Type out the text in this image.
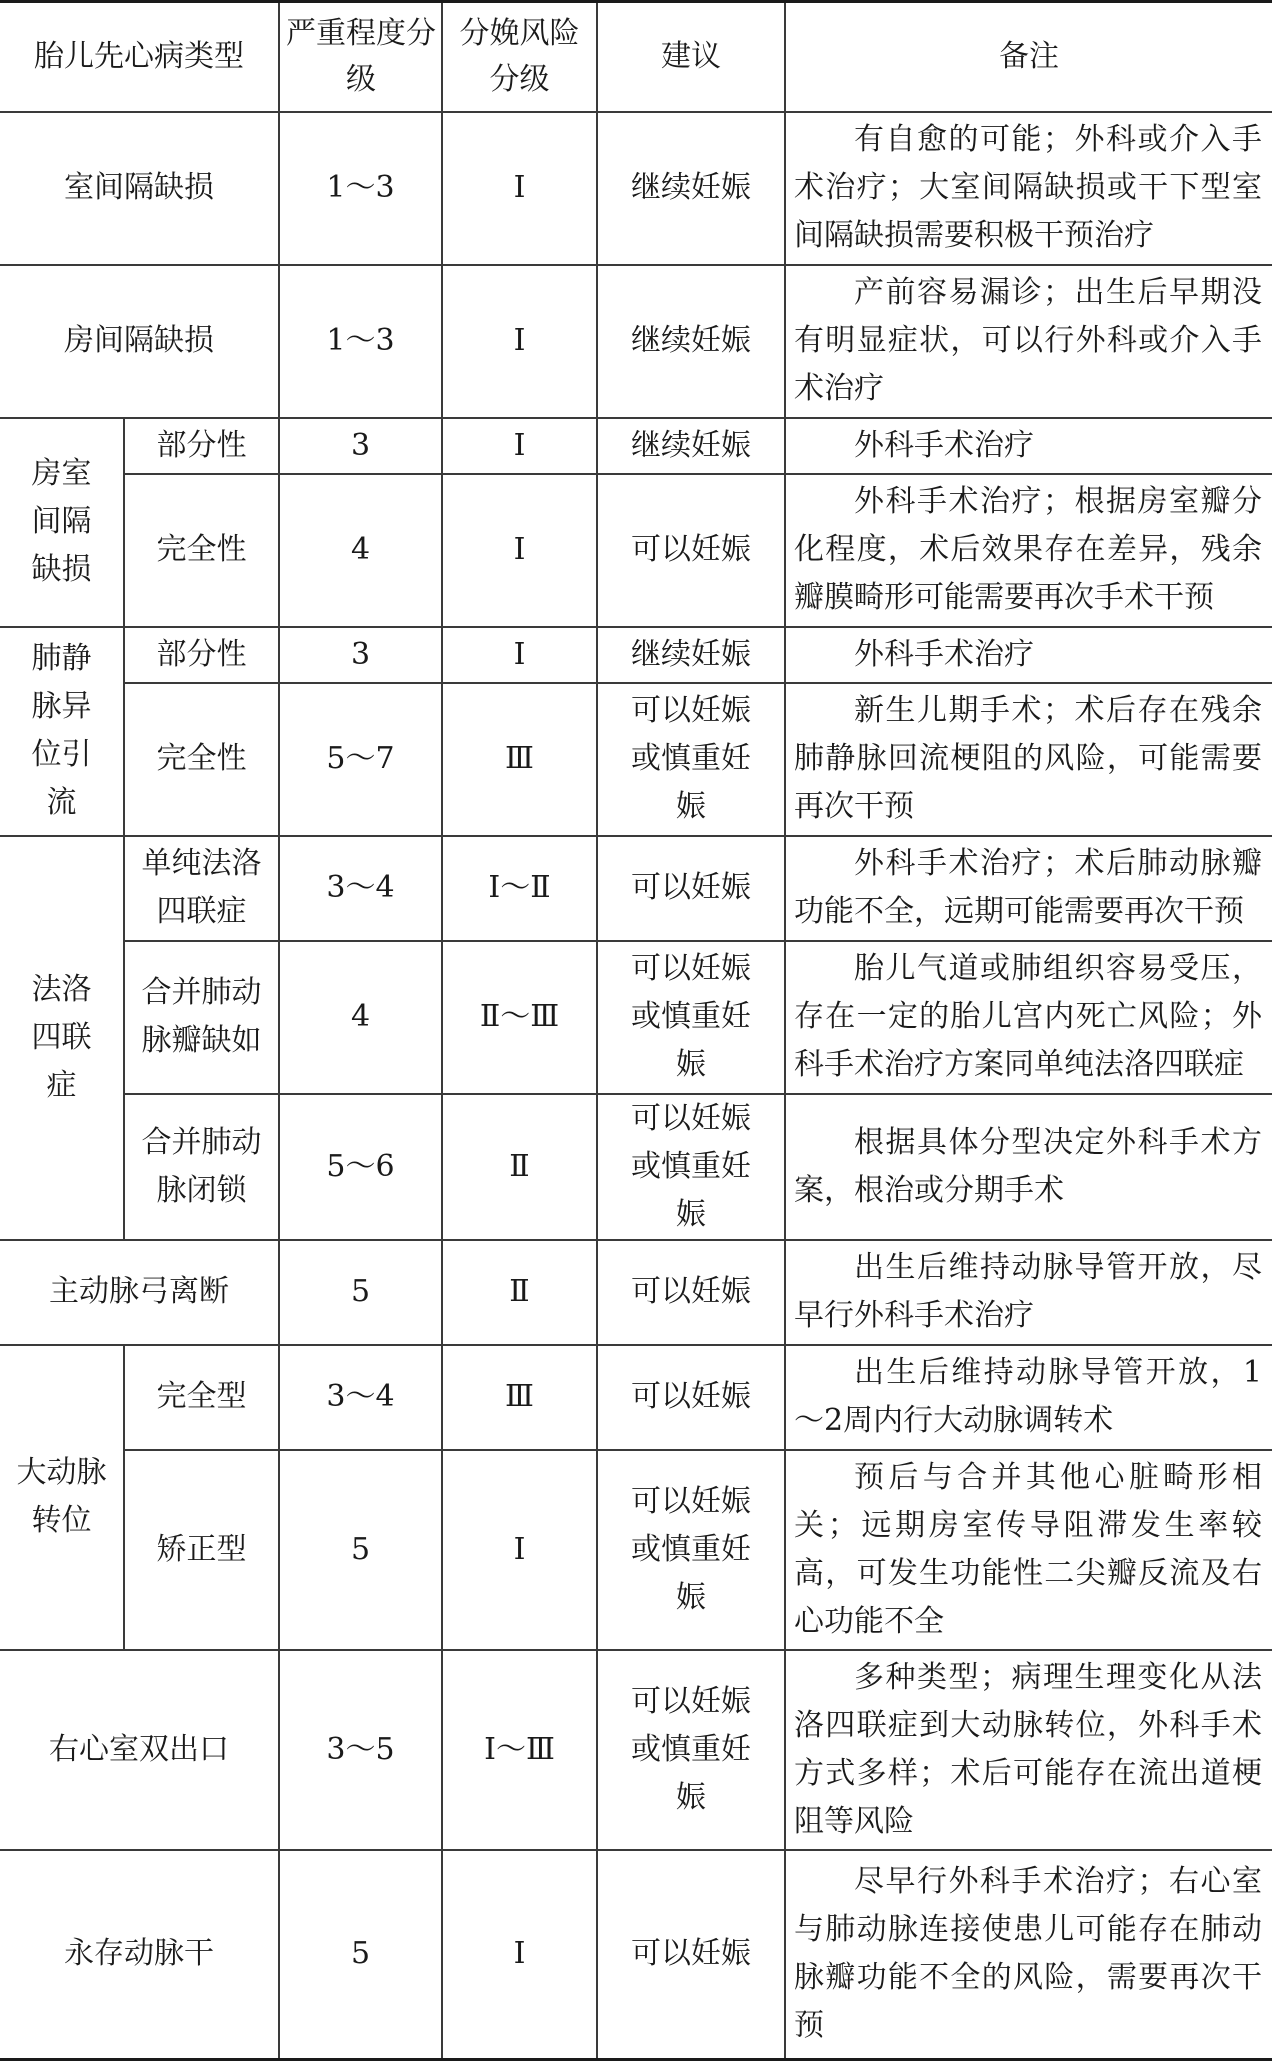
胎儿先心病类型		严重程度分级	分娩风险分级	建议	备注
室间隔缺损		1～3	Ⅰ	继续妊娠	有自愈的可能；外科或介入手术治疗；大室间隔缺损或干下型室间隔缺损需要积极干预治疗
房间隔缺损		1～3	Ⅰ	继续妊娠	产前容易漏诊；出生后早期没有明显症状，可以行外科或介入手术治疗
房室间隔缺损	部分性	3	Ⅰ	继续妊娠	外科手术治疗
	完全性	4	Ⅰ	可以妊娠	外科手术治疗；根据房室瓣分化程度，术后效果存在差异，残余瓣膜畸形可能需要再次手术干预
肺静脉异位引流	部分性	3	Ⅰ	继续妊娠	外科手术治疗
	完全性	5～7	Ⅲ	可以妊娠或慎重妊娠	新生儿期手术；术后存在残余肺静脉回流梗阻的风险，可能需要再次干预
法洛四联症	单纯法洛四联症	3～4	Ⅰ～Ⅱ	可以妊娠	外科手术治疗；术后肺动脉瓣功能不全，远期可能需要再次干预
	合并肺动脉瓣缺如	4	Ⅱ～Ⅲ	可以妊娠或慎重妊娠	胎儿气道或肺组织容易受压，存在一定的胎儿宫内死亡风险；外科手术治疗方案同单纯法洛四联症
	合并肺动脉闭锁	5～6	Ⅱ	可以妊娠或慎重妊娠	根据具体分型决定外科手术方案，根治或分期手术
主动脉弓离断		5	Ⅱ	可以妊娠	出生后维持动脉导管开放，尽早行外科手术治疗
大动脉转位	完全型	3～4	Ⅲ	可以妊娠	出生后维持动脉导管开放，1～2周内行大动脉调转术
	矫正型	5	Ⅰ	可以妊娠或慎重妊娠	预后与合并其他心脏畸形相关；远期房室传导阻滞发生率较高，可发生功能性二尖瓣反流及右心功能不全
右心室双出口		3～5	Ⅰ～Ⅲ	可以妊娠或慎重妊娠	多种类型；病理生理变化从法洛四联症到大动脉转位，外科手术方式多样；术后可能存在流出道梗阻等风险
永存动脉干		5	Ⅰ	可以妊娠	尽早行外科手术治疗；右心室与肺动脉连接使患儿可能存在肺动脉瓣功能不全的风险，需要再次干预
